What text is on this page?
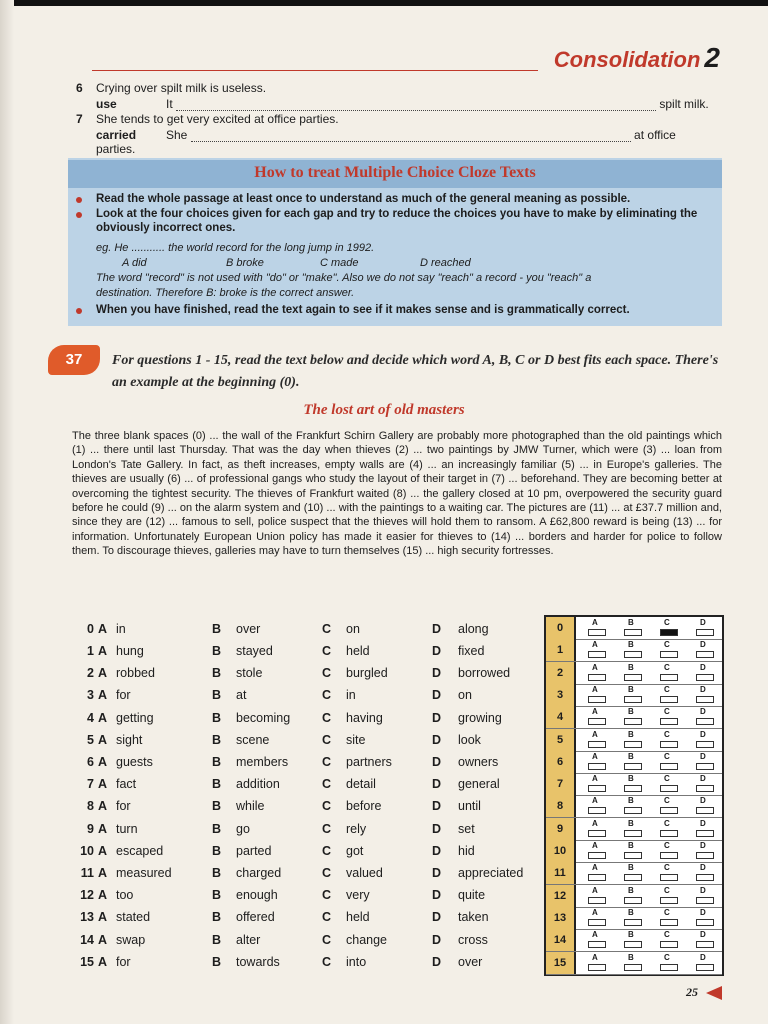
Consolidation 2
6 Crying over spilt milk is useless.
use	It	spilt milk.
7 She tends to get very excited at office parties.
carried She	at office parties.
How to treat Multiple Choice Cloze Texts
Read the whole passage at least once to understand as much of the general meaning as possible.
Look at the four choices given for each gap and try to reduce the choices you have to make by eliminating the obviously incorrect ones.
eg. He ........... the world record for the long jump in 1992.
A did	B broke	C made	D reached
The word "record" is not used with "do" or "make". Also we do not say "reach" a record - you "reach" a
destination. Therefore B: broke is the correct answer.
When you have finished, read the text again to see if it makes sense and is grammatically correct.
37	For questions 1 - 15, read the text below and decide which word A, B, C or D best fits each space. There's an example at the beginning (0).
The lost art of old masters
The three blank spaces (0) ... the wall of the Frankfurt Schirn Gallery are probably more photographed than the old paintings which (1) ... there until last Thursday. That was the day when thieves (2) ... two paintings by JMW Turner, which were (3) ... loan from London's Tate Gallery. In fact, as theft increases, empty walls are (4) ... an increasingly familiar (5) ... in Europe's galleries. The thieves are usually (6) ... of professional gangs who study the layout of their target in (7) ... beforehand. They are becoming better at overcoming the tightest security. The thieves of Frankfurt waited (8) ... the gallery closed at 10 pm, overpowered the security guard before he could (9) ... on the alarm system and (10) ... with the paintings to a waiting car. The pictures are (11) ... at £37.7 million and, since they are (12) ... famous to sell, police suspect that the thieves will hold them to ransom. A £62,800 reward is being (13) ... for information. Unfortunately European Union policy has made it easier for thieves to (14) ... borders and harder for police to follow them. To discourage thieves, galleries may have to turn themselves (15) ... high security fortresses.
0 A in	B over	C on	D along
1 A hung	B stayed	C held	D fixed
2 A robbed	B stole	C burgled	D borrowed
3 A for	B at	C in	D on
4 A getting	B becoming	C having	D growing
5 A sight	B scene	C site	D look
6 A guests	B members	C partners	D owners
7 A fact	B addition	C detail	D general
8 A for	B while	C before	D until
9 A turn	B go	C rely	D set
10 A escaped	B parted	C got	D hid
11 A measured	B charged	C valued	D appreciated
12 A too	B enough	C very	D quite
13 A stated	B offered	C held	D taken
14 A swap	B alter	C change	D cross
15 A for	B towards	C into	D over
0	A	B	C	D
1	A	B	C	D
2	A	B	C	D
3	A	B	C	D
4	A	B	C	D
5	A	B	C	D
6	A	B	C	D
7	A	B	C	D
8	A	B	C	D
9	A	B	C	D
10	A	B	C	D
11	A	B	C	D
12	A	B	C	D
13	A	B	C	D
14	A	B	C	D
15	A	B	C	D
25
